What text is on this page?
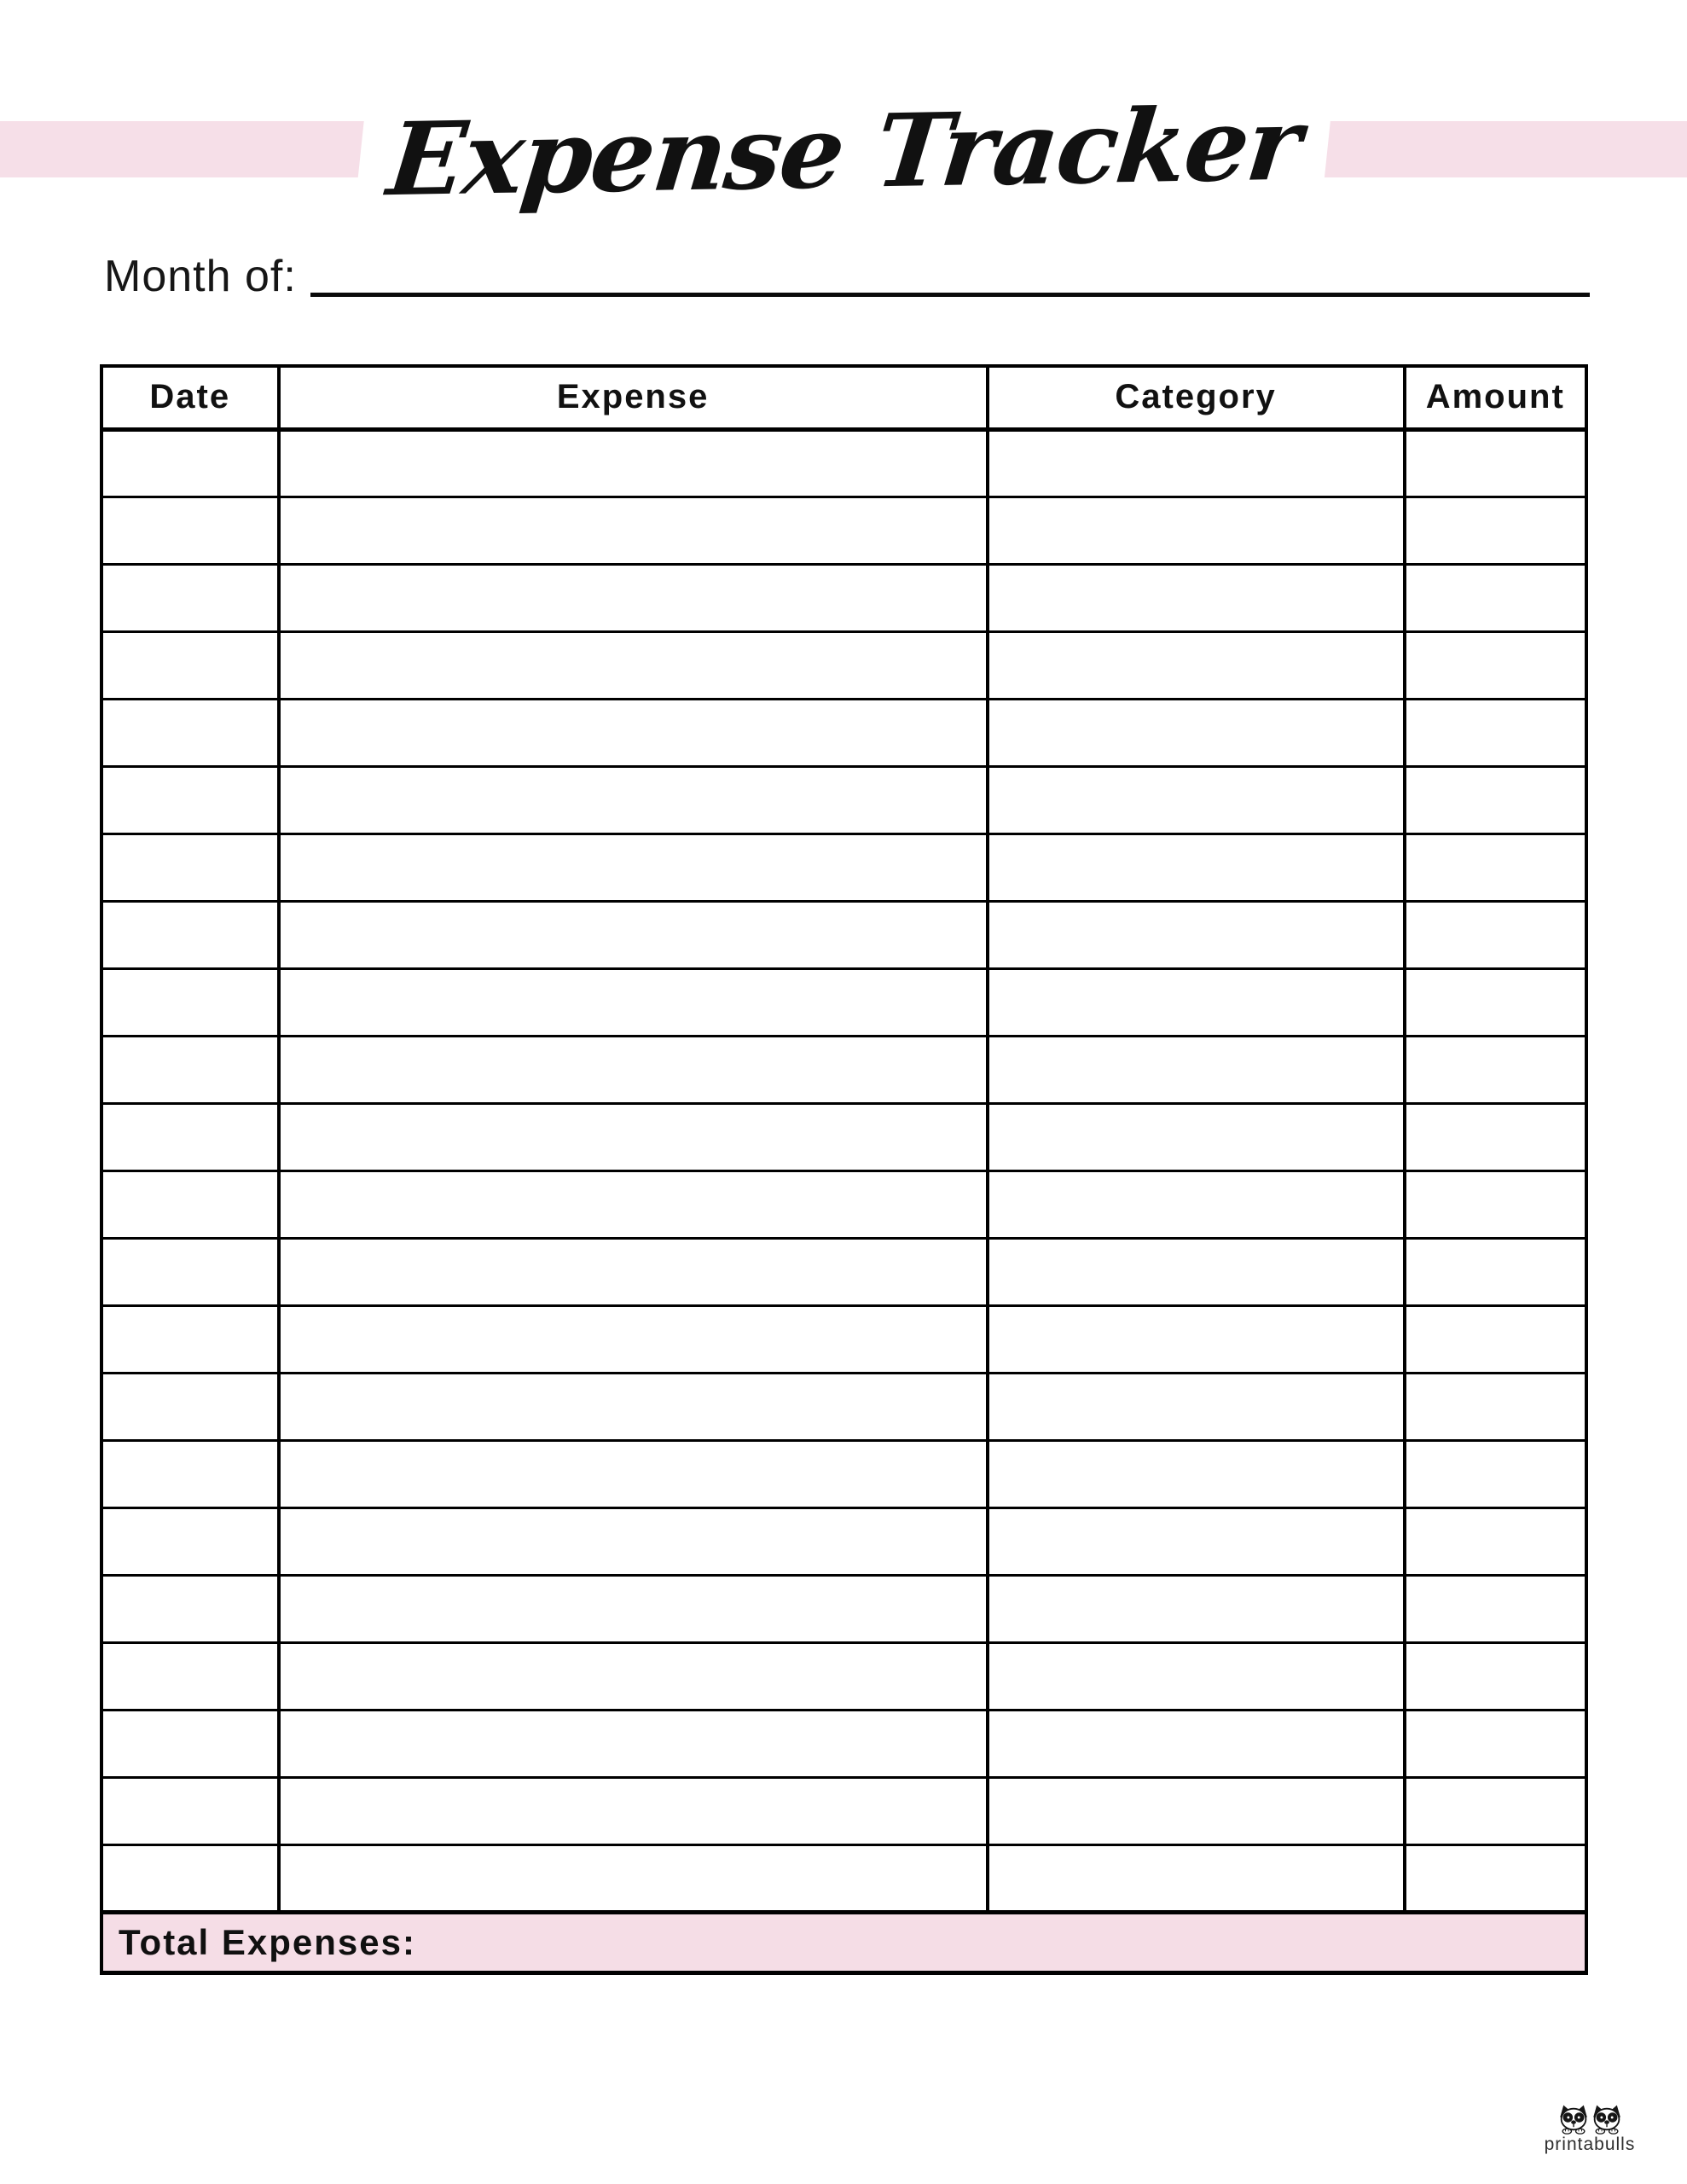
Expense Tracker
Month of:
Date	Expense	Category	Amount

Total Expenses:			
printabulls
